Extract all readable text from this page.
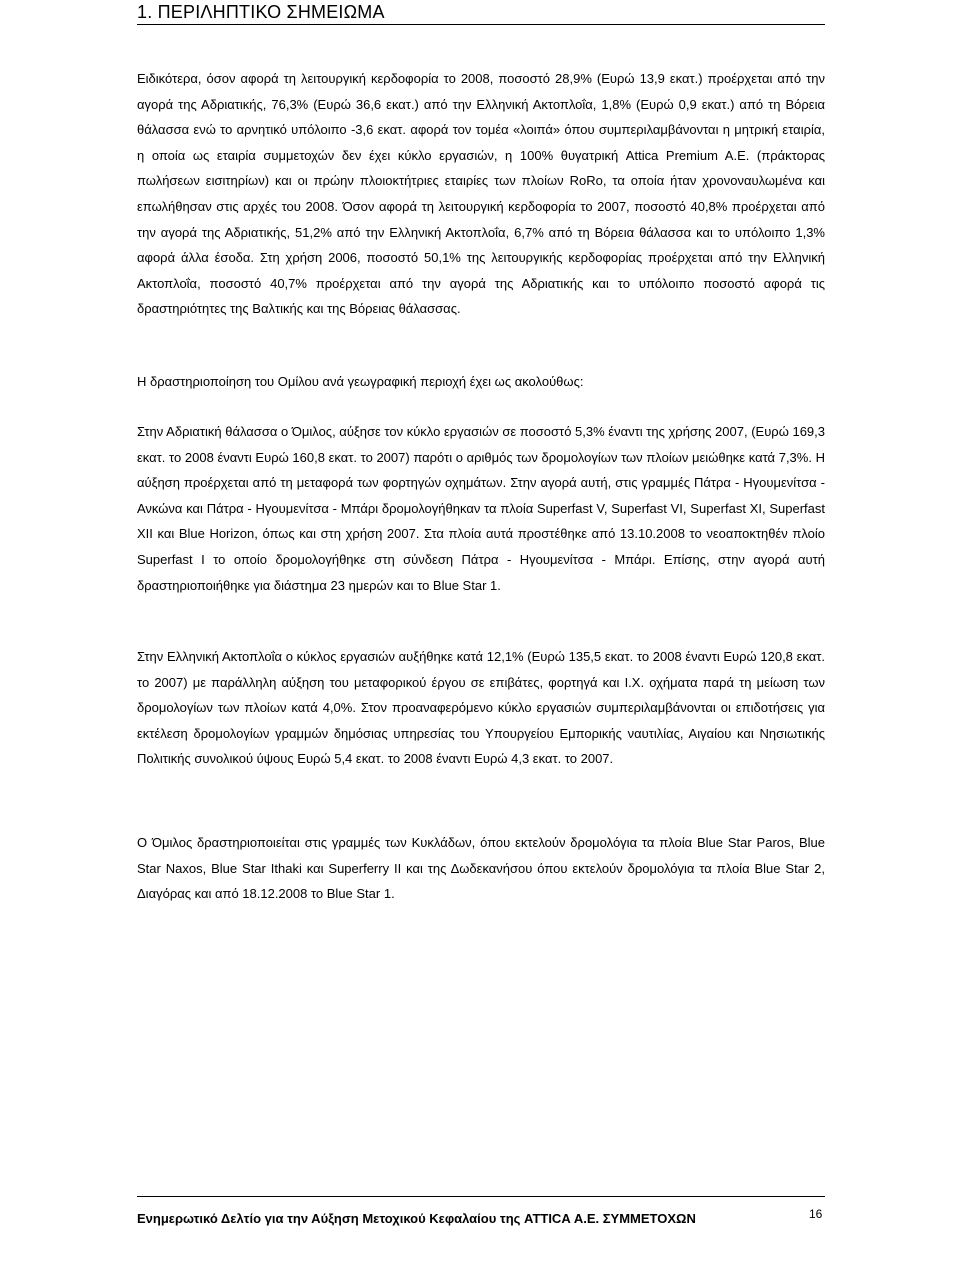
1. ΠΕΡΙΛΗΠΤΙΚΟ ΣΗΜΕΙΩΜΑ

Ειδικότερα, όσον αφορά τη λειτουργική κερδοφορία το 2008, ποσοστό 28,9% (Ευρώ 13,9 εκατ.) προέρχεται από την αγορά της Αδριατικής, 76,3% (Ευρώ 36,6 εκατ.) από την Ελληνική Ακτοπλοΐα, 1,8% (Ευρώ 0,9 εκατ.) από τη Βόρεια θάλασσα ενώ το αρνητικό υπόλοιπο -3,6 εκατ. αφορά τον τομέα «λοιπά» όπου συμπεριλαμβάνονται η μητρική εταιρία, η οποία ως εταιρία συμμετοχών δεν έχει κύκλο εργασιών, η 100% θυγατρική Attica Premium A.E. (πράκτορας πωλήσεων εισιτηρίων) και οι πρώην πλοιοκτήτριες εταιρίες των πλοίων RoRo, τα οποία ήταν χρονοναυλωμένα και επωλήθησαν στις αρχές του 2008. Όσον αφορά τη λειτουργική κερδοφορία το 2007, ποσοστό 40,8% προέρχεται από την αγορά της Αδριατικής, 51,2% από την Ελληνική Ακτοπλοΐα, 6,7% από τη Βόρεια θάλασσα και το υπόλοιπο 1,3% αφορά άλλα έσοδα. Στη χρήση 2006, ποσοστό 50,1% της λειτουργικής κερδοφορίας προέρχεται από την Ελληνική Ακτοπλοΐα, ποσοστό 40,7% προέρχεται από την αγορά της Αδριατικής και το υπόλοιπο ποσοστό αφορά τις δραστηριότητες της Βαλτικής και της Βόρειας θάλασσας.

Η δραστηριοποίηση του Ομίλου ανά γεωγραφική περιοχή έχει ως ακολούθως:

Στην Αδριατική θάλασσα ο Όμιλος, αύξησε τον κύκλο εργασιών σε ποσοστό 5,3% έναντι της χρήσης 2007, (Ευρώ 169,3 εκατ. το 2008 έναντι Ευρώ 160,8 εκατ. το 2007) παρότι ο αριθμός των δρομολογίων των πλοίων μειώθηκε κατά 7,3%. Η αύξηση προέρχεται από τη μεταφορά των φορτηγών οχημάτων. Στην αγορά αυτή, στις γραμμές Πάτρα - Ηγουμενίτσα - Ανκώνα και Πάτρα - Ηγουμενίτσα - Μπάρι δρομολογήθηκαν τα πλοία Superfast V, Superfast VI, Superfast XI, Superfast XII και Blue Horizon, όπως και στη χρήση 2007. Στα πλοία αυτά προστέθηκε από 13.10.2008 το νεοαποκτηθέν πλοίο Superfast I το οποίο δρομολογήθηκε στη σύνδεση Πάτρα - Ηγουμενίτσα - Μπάρι. Επίσης, στην αγορά αυτή δραστηριοποιήθηκε για διάστημα 23 ημερών και το Blue Star 1.

Στην Ελληνική Ακτοπλοΐα ο κύκλος εργασιών αυξήθηκε κατά 12,1% (Ευρώ 135,5 εκατ. το 2008 έναντι Ευρώ 120,8 εκατ. το 2007) με παράλληλη αύξηση του μεταφορικού έργου σε επιβάτες, φορτηγά και Ι.Χ. οχήματα παρά τη μείωση των δρομολογίων των πλοίων κατά 4,0%. Στον προαναφερόμενο κύκλο εργασιών συμπεριλαμβάνονται οι επιδοτήσεις για εκτέλεση δρομολογίων γραμμών δημόσιας υπηρεσίας του Υπουργείου Εμπορικής ναυτιλίας, Αιγαίου και Νησιωτικής Πολιτικής συνολικού ύψους Ευρώ 5,4 εκατ. το 2008 έναντι Ευρώ 4,3 εκατ. το 2007.

Ο Όμιλος δραστηριοποιείται στις γραμμές των Κυκλάδων, όπου εκτελούν δρομολόγια τα πλοία Blue Star Paros, Blue Star Naxos, Blue Star Ithaki και Superferry II και της Δωδεκανήσου όπου εκτελούν δρομολόγια τα πλοία Blue Star 2, Διαγόρας και από 18.12.2008 το Blue Star 1.

Ενημερωτικό Δελτίο για την Αύξηση Μετοχικού Κεφαλαίου της ATTICA Α.Ε. ΣΥΜΜΕΤΟΧΩΝ	16
